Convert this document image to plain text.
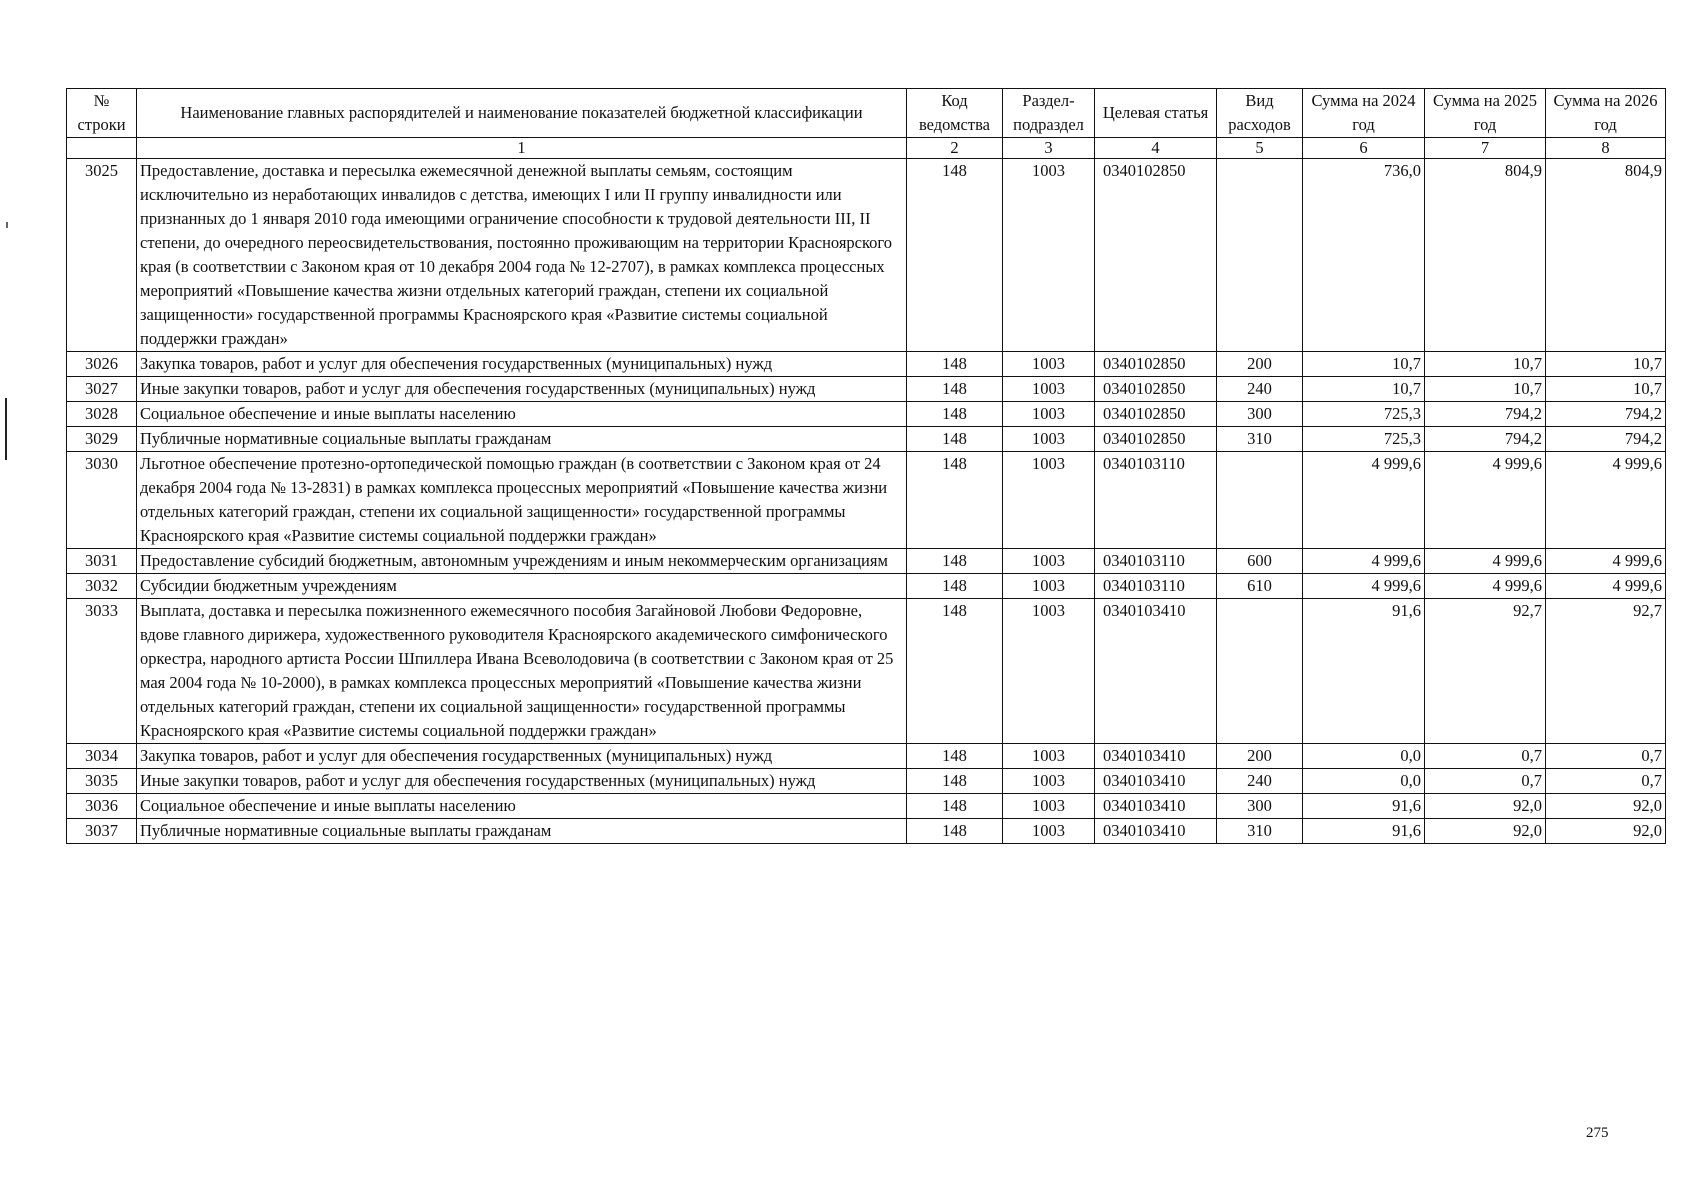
№ строки	Наименование главных распорядителей и наименование показателей бюджетной классификации	Код ведомства	Раздел- подраздел	Целевая статья	Вид расходов	Сумма на 2024 год	Сумма на 2025 год	Сумма на 2026 год
	1	2	3	4	5	6	7	8
3025	Предоставление, доставка и пересылка ежемесячной денежной выплаты семьям, состоящим исключительно из неработающих инвалидов с детства, имеющих I или II группу инвалидности или признанных до 1 января 2010 года имеющими ограничение способности к трудовой деятельности III, II степени, до очередного переосвидетельствования, постоянно проживающим на территории Красноярского края (в соответствии с Законом края от 10 декабря 2004 года № 12-2707), в рамках комплекса процессных мероприятий «Повышение качества жизни отдельных категорий граждан, степени их социальной защищенности» государственной программы Красноярского края «Развитие системы социальной поддержки граждан»	148	1003	0340102850		736,0	804,9	804,9
3026	Закупка товаров, работ и услуг для обеспечения государственных (муниципальных) нужд	148	1003	0340102850	200	10,7	10,7	10,7
3027	Иные закупки товаров, работ и услуг для обеспечения государственных (муниципальных) нужд	148	1003	0340102850	240	10,7	10,7	10,7
3028	Социальное обеспечение и иные выплаты населению	148	1003	0340102850	300	725,3	794,2	794,2
3029	Публичные нормативные социальные выплаты гражданам	148	1003	0340102850	310	725,3	794,2	794,2
3030	Льготное обеспечение протезно-ортопедической помощью граждан (в соответствии с Законом края от 24 декабря 2004 года № 13-2831) в рамках комплекса процессных мероприятий «Повышение качества жизни отдельных категорий граждан, степени их социальной защищенности» государственной программы Красноярского края «Развитие системы социальной поддержки граждан»	148	1003	0340103110		4 999,6	4 999,6	4 999,6
3031	Предоставление субсидий бюджетным, автономным учреждениям и иным некоммерческим организациям	148	1003	0340103110	600	4 999,6	4 999,6	4 999,6
3032	Субсидии бюджетным учреждениям	148	1003	0340103110	610	4 999,6	4 999,6	4 999,6
3033	Выплата, доставка и пересылка пожизненного ежемесячного пособия Загайновой Любови Федоровне, вдове главного дирижера, художественного руководителя Красноярского академического симфонического оркестра, народного артиста России Шпиллера Ивана Всеволодовича (в соответствии с Законом края от 25 мая 2004 года № 10-2000), в рамках комплекса процессных мероприятий «Повышение качества жизни отдельных категорий граждан, степени их социальной защищенности» государственной программы Красноярского края «Развитие системы социальной поддержки граждан»	148	1003	0340103410		91,6	92,7	92,7
3034	Закупка товаров, работ и услуг для обеспечения государственных (муниципальных) нужд	148	1003	0340103410	200	0,0	0,7	0,7
3035	Иные закупки товаров, работ и услуг для обеспечения государственных (муниципальных) нужд	148	1003	0340103410	240	0,0	0,7	0,7
3036	Социальное обеспечение и иные выплаты населению	148	1003	0340103410	300	91,6	92,0	92,0
3037	Публичные нормативные социальные выплаты гражданам	148	1003	0340103410	310	91,6	92,0	92,0
275
